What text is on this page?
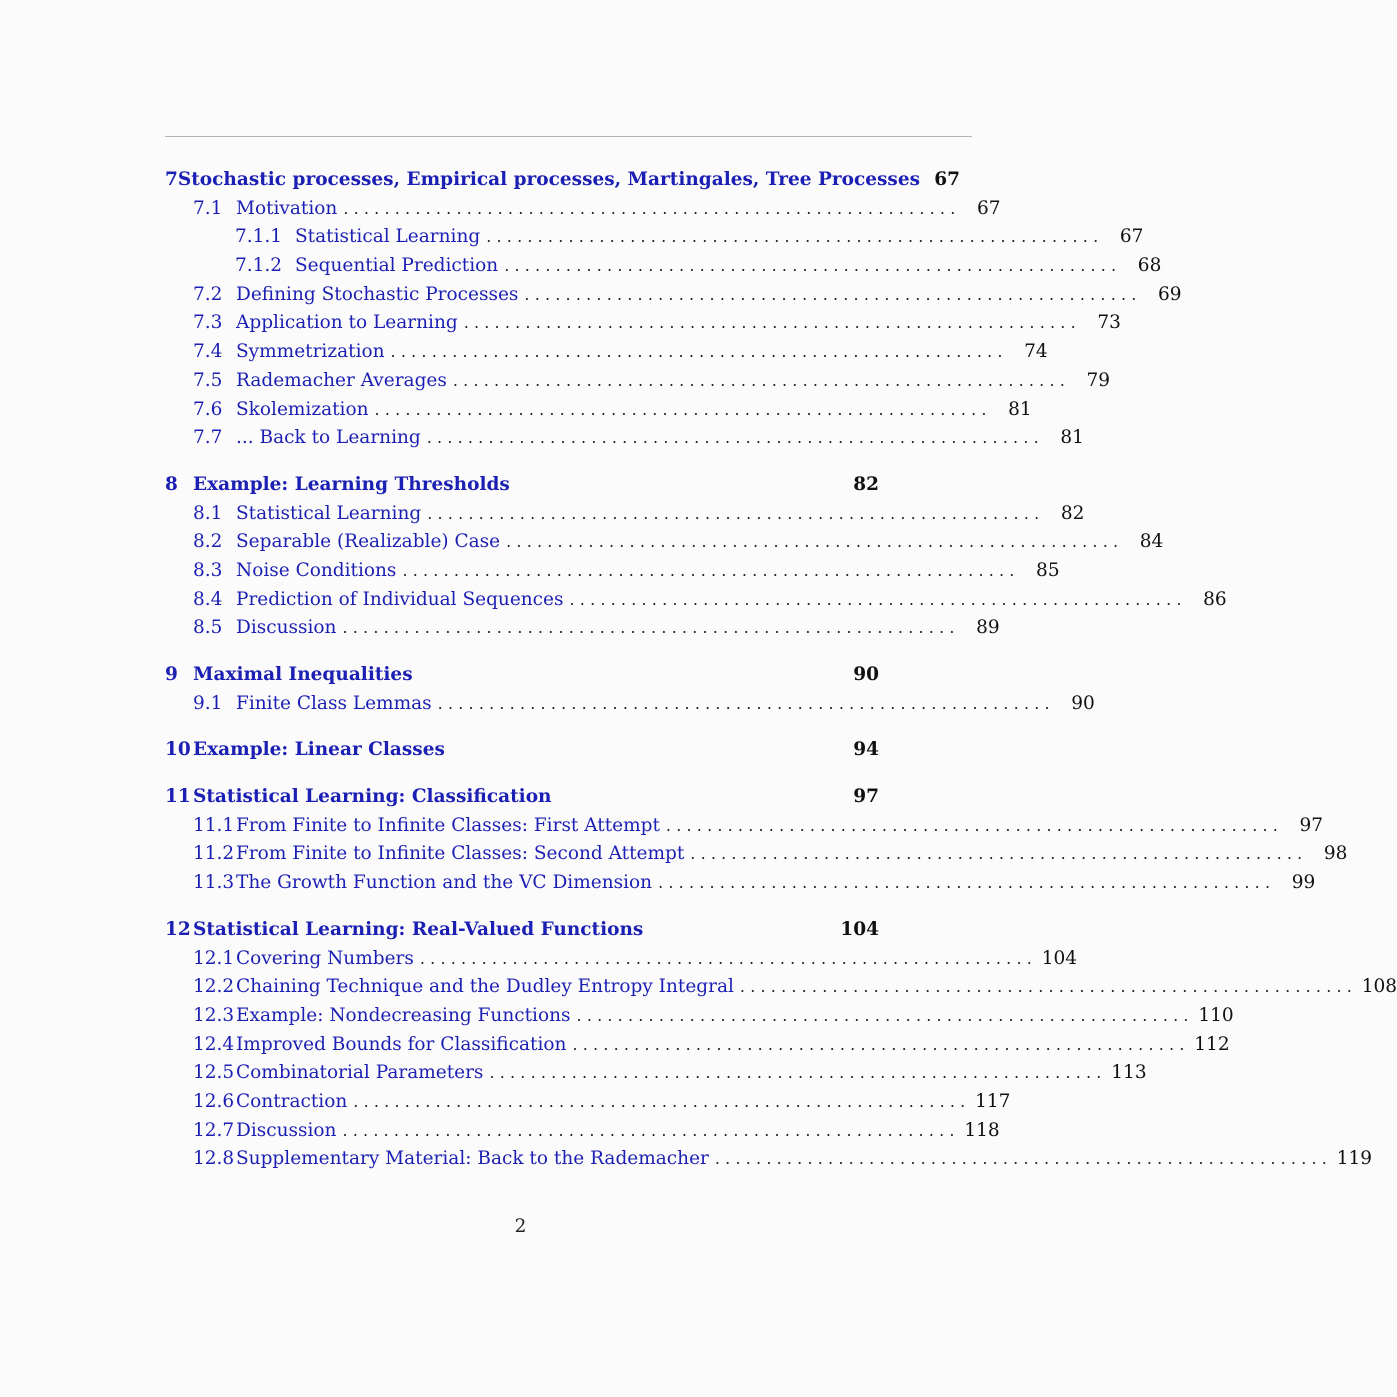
7 Stochastic processes, Empirical processes, Martingales, Tree Processes 67
7.1 Motivation ............................................................ 67
7.1.1 Statistical Learning ............................................................ 67
7.1.2 Sequential Prediction ............................................................ 68
7.2 Defining Stochastic Processes ............................................................ 69
7.3 Application to Learning ............................................................ 73
7.4 Symmetrization ............................................................ 74
7.5 Rademacher Averages ............................................................ 79
7.6 Skolemization ............................................................ 81
7.7 ... Back to Learning ............................................................ 81
8 Example: Learning Thresholds	82
8.1 Statistical Learning ............................................................ 82
8.2 Separable (Realizable) Case ............................................................ 84
8.3 Noise Conditions ............................................................ 85
8.4 Prediction of Individual Sequences ............................................................ 86
8.5 Discussion ............................................................ 89
9 Maximal Inequalities	90
9.1 Finite Class Lemmas ............................................................ 90
10 Example: Linear Classes	94
11 Statistical Learning: Classification	97
11.1 From Finite to Infinite Classes: First Attempt ............................................................ 97
11.2 From Finite to Infinite Classes: Second Attempt ............................................................ 98
11.3 The Growth Function and the VC Dimension ............................................................ 99
12 Statistical Learning: Real-Valued Functions	104
12.1 Covering Numbers ............................................................ 104
12.2 Chaining Technique and the Dudley Entropy Integral ............................................................ 108
12.3 Example: Nondecreasing Functions ............................................................ 110
12.4 Improved Bounds for Classification ............................................................ 112
12.5 Combinatorial Parameters ............................................................ 113
12.6 Contraction ............................................................ 117
12.7 Discussion ............................................................ 118
12.8 Supplementary Material: Back to the Rademacher ............................................................ 119
2
